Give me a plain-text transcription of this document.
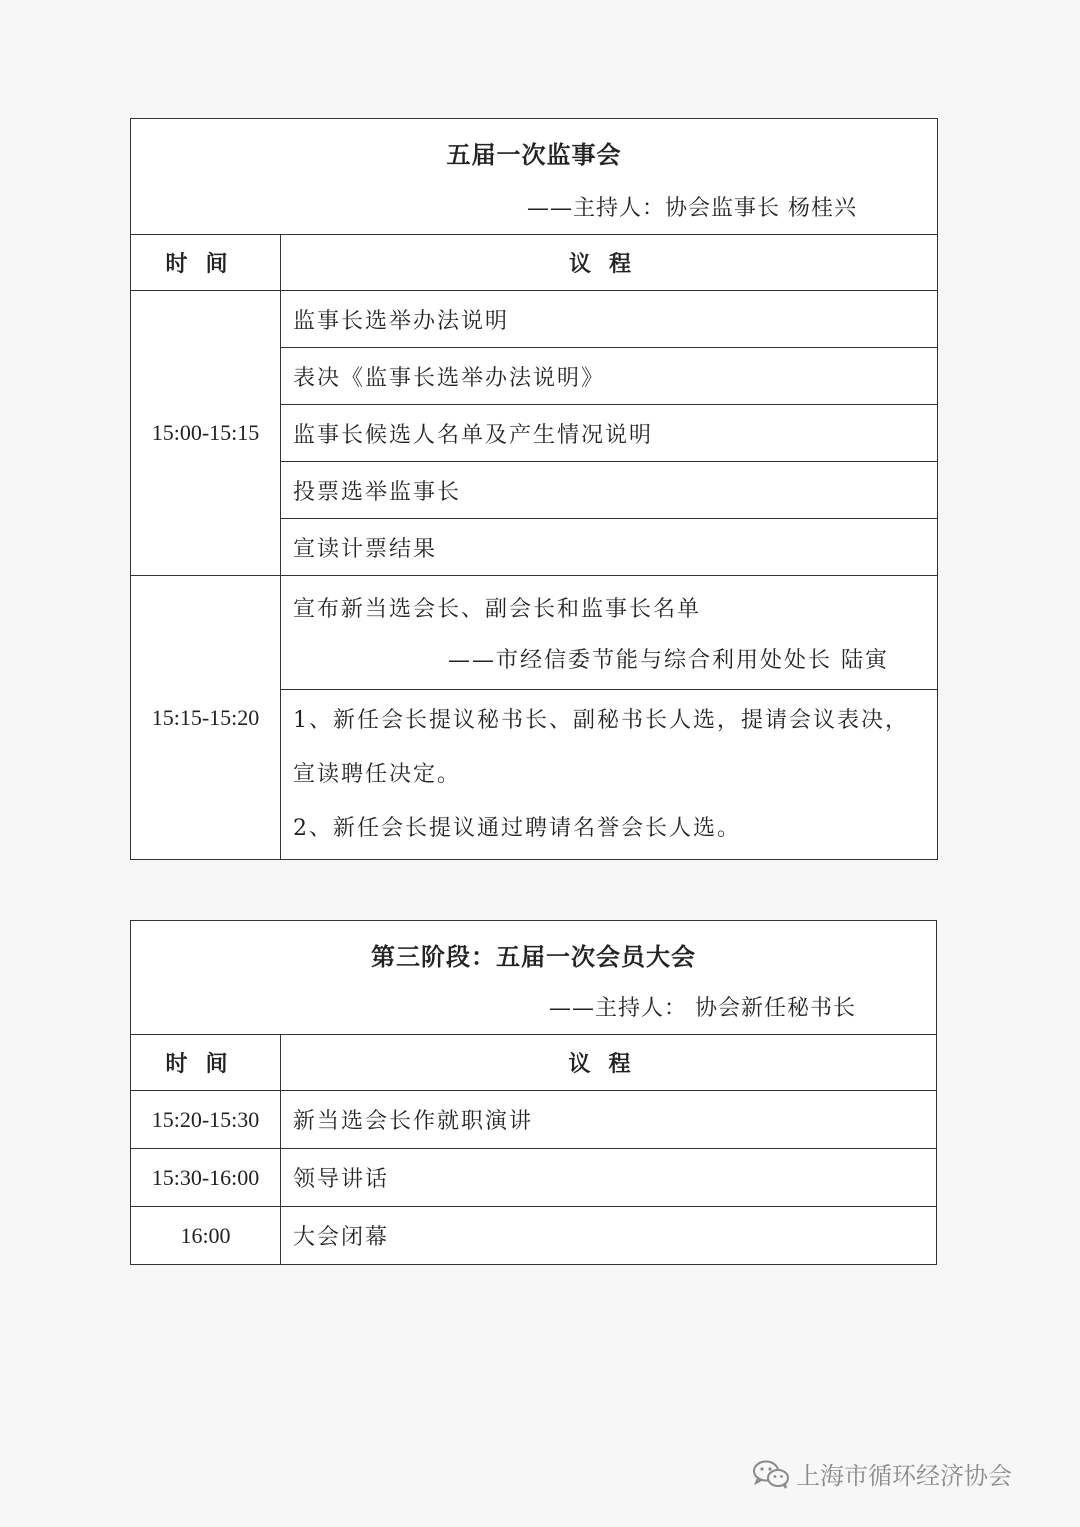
五届一次监事会
——主持人：协会监事长 杨桂兴	

时间	议程
15:00-15:15	监事长选举办法说明
	表决《监事长选举办法说明》
	监事长候选人名单及产生情况说明
	投票选举监事长
	宣读计票结果
15:15-15:20	宣布新当选会长、副会长和监事长名单
——市经信委节能与综合利用处处长 陆寅

	1、新任会长提议秘书长、副秘书长人选，提请会议表决，
宣读聘任决定。
2、新任会长提议通过聘请名誉会长人选。
第三阶段：五届一次会员大会
——主持人： 协会新任秘书长	

时间	议程
15:20-15:30	新当选会长作就职演讲
15:30-16:00	领导讲话
16:00	大会闭幕
上海市循环经济协会
